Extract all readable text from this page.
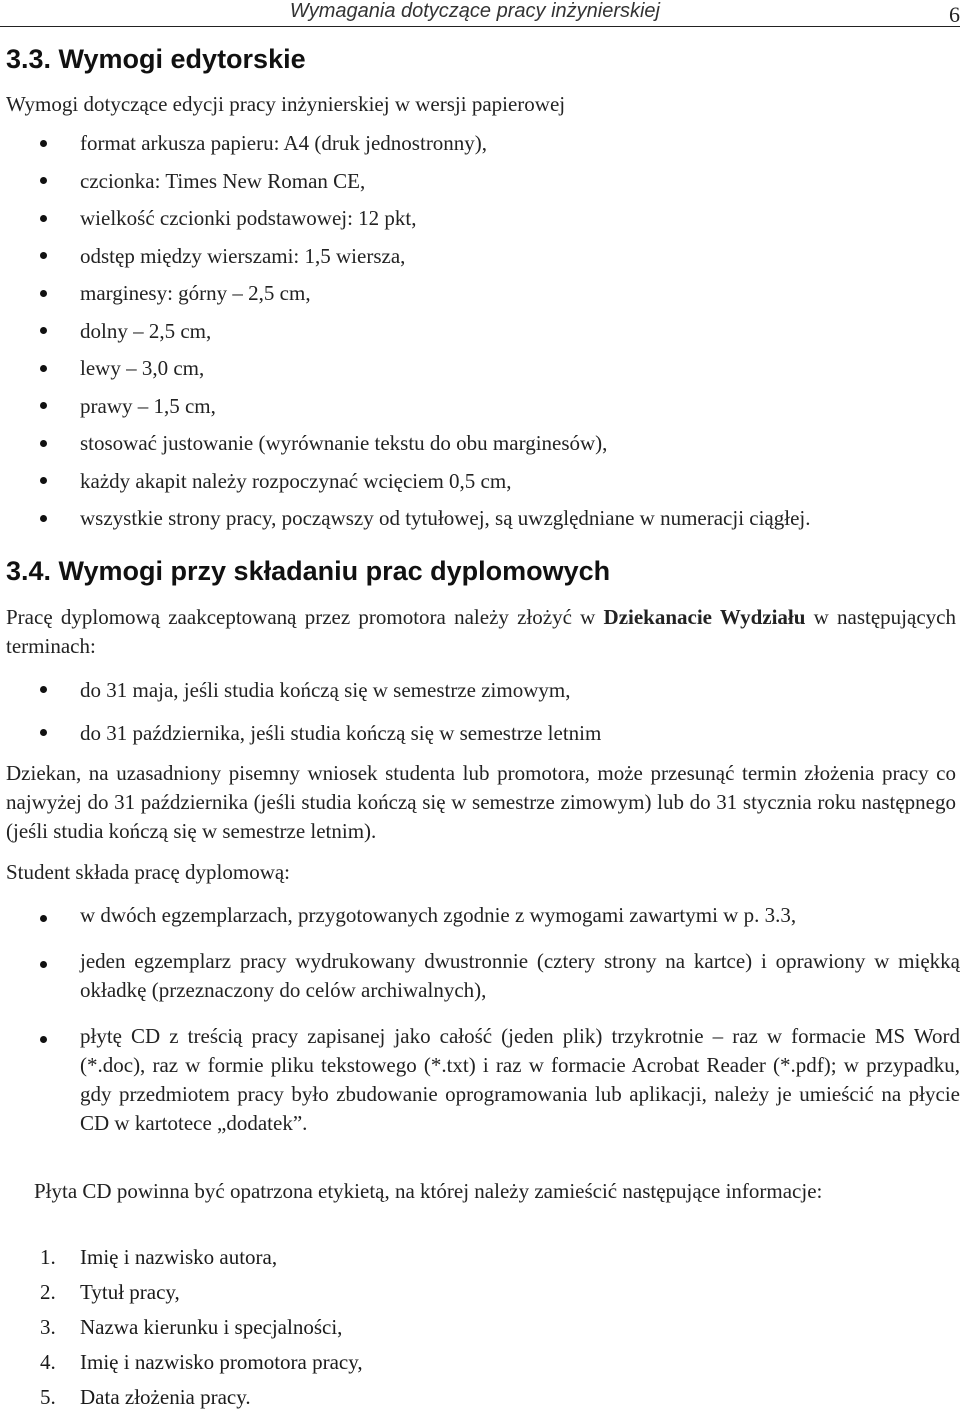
Wymagania dotyczące pracy inżynierskiej	6
3.3. Wymogi edytorskie
Wymogi dotyczące edycji pracy inżynierskiej w wersji papierowej
format arkusza papieru: A4 (druk jednostronny),
czcionka: Times New Roman CE,
wielkość czcionki podstawowej: 12 pkt,
odstęp między wierszami: 1,5 wiersza,
marginesy: górny – 2,5 cm,
dolny – 2,5 cm,
lewy – 3,0 cm,
prawy – 1,5 cm,
stosować justowanie (wyrównanie tekstu do obu marginesów),
każdy akapit należy rozpoczynać wcięciem 0,5 cm,
wszystkie strony pracy, począwszy od tytułowej, są uwzględniane w numeracji ciągłej.
3.4. Wymogi przy składaniu prac dyplomowych
Pracę dyplomową zaakceptowaną przez promotora należy złożyć w Dziekanacie Wydziału w następujących terminach:
do 31 maja, jeśli studia kończą się w semestrze zimowym,
do 31 października, jeśli studia kończą się w semestrze letnim
Dziekan, na uzasadniony pisemny wniosek studenta lub promotora, może przesunąć termin złożenia pracy co najwyżej do 31 października (jeśli studia kończą się w semestrze zimowym) lub do 31 stycznia roku następnego (jeśli studia kończą się w semestrze letnim).
Student składa pracę dyplomową:
w dwóch egzemplarzach, przygotowanych zgodnie z wymogami zawartymi w p. 3.3,
jeden egzemplarz pracy wydrukowany dwustronnie (cztery strony na kartce) i oprawiony w miękką okładkę (przeznaczony do celów archiwalnych),
płytę CD z treścią pracy zapisanej jako całość (jeden plik) trzykrotnie – raz w formacie MS Word (*.doc), raz w formie pliku tekstowego (*.txt) i raz w formacie Acrobat Reader (*.pdf); w przypadku, gdy przedmiotem pracy było zbudowanie oprogramowania lub aplikacji, należy je umieścić na płycie CD w kartotece „dodatek”.
Płyta CD powinna być opatrzona etykietą, na której należy zamieścić następujące informacje:
1. Imię i nazwisko autora,
2. Tytuł pracy,
3. Nazwa kierunku i specjalności,
4. Imię i nazwisko promotora pracy,
5. Data złożenia pracy.
